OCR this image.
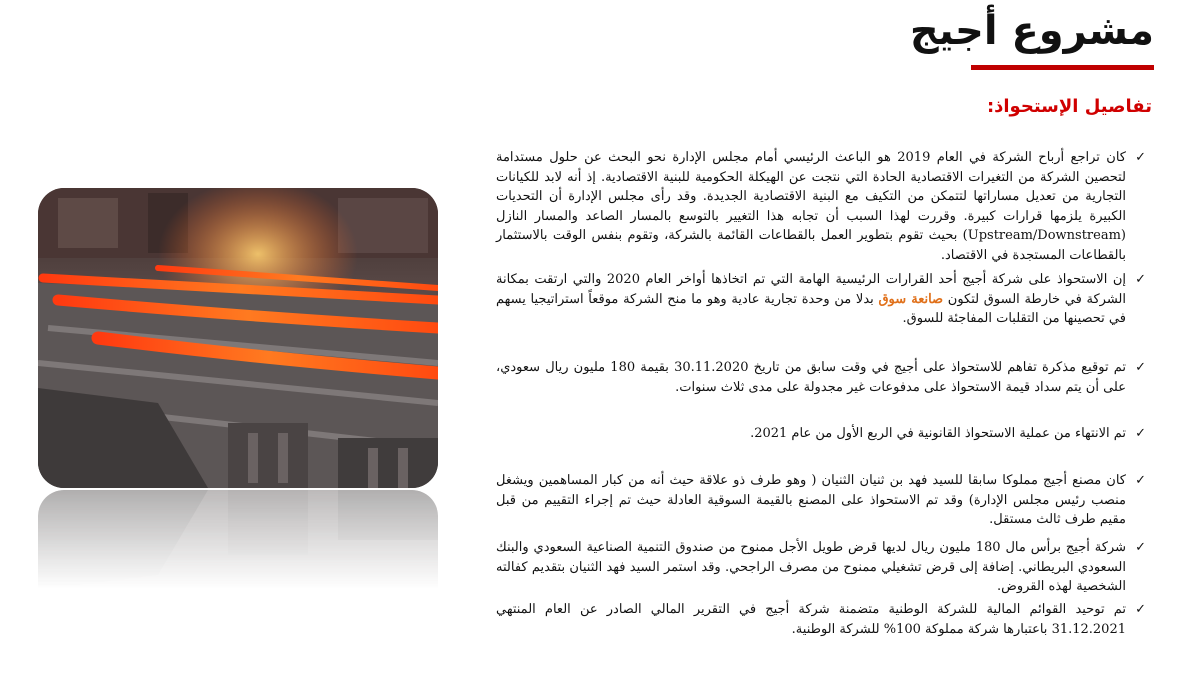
مشروع أجيج
تفاصيل الإستحواذ:
✓
كان تراجع أرباح الشركة في العام 2019 هو الباعث الرئيسي أمام مجلس الإدارة نحو البحث عن حلول مستدامة لتحصين الشركة من التغيرات الاقتصادية الحادة التي نتجت عن الهيكلة الحكومية للبنية الاقتصادية. إذ أنه لابد للكيانات التجارية من تعديل مساراتها لتتمكن من التكيف مع البنية الاقتصادية الجديدة. وقد رأى مجلس الإدارة أن التحديات الكبيرة يلزمها قرارات كبيرة. وقررت لهذا السبب أن تجابه هذا التغيير بالتوسع بالمسار الصاعد والمسار النازل (Upstream/Downstream) بحيث تقوم بتطوير العمل بالقطاعات القائمة بالشركة، وتقوم بنفس الوقت بالاستثمار بالقطاعات المستجدة في الاقتصاد.
✓
إن الاستحواذ على شركة أجيج أحد القرارات الرئيسية الهامة التي تم اتخاذها أواخر العام 2020 والتي ارتقت بمكانة الشركة في خارطة السوق لتكون صانعة سوق بدلا من وحدة تجارية عادية وهو ما منح الشركة موقعاً استراتيجيا يسهم في تحصينها من التقلبات المفاجئة للسوق.
✓
تم توقيع مذكرة تفاهم للاستحواذ على أجيج في وقت سابق من تاريخ 30.11.2020 بقيمة 180 مليون ريال سعودي، على أن يتم سداد قيمة الاستحواذ على مدفوعات غير مجدولة على مدى ثلاث سنوات.
✓
تم الانتهاء من عملية الاستحواذ القانونية في الربع الأول من عام 2021.
✓
كان مصنع أجيج مملوكا سابقا للسيد فهد بن ثنيان الثنيان ( وهو طرف ذو علاقة حيث أنه من كبار المساهمين ويشغل منصب رئيس مجلس الإدارة) وقد تم الاستحواذ على المصنع بالقيمة السوقية العادلة حيث تم إجراء التقييم من قبل مقيم طرف ثالث مستقل.
✓
شركة أجيج برأس مال 180 مليون ريال لديها قرض طويل الأجل ممنوح من صندوق التنمية الصناعية السعودي والبنك السعودي البريطاني. إضافة إلى قرض تشغيلي ممنوح من مصرف الراجحي. وقد استمر السيد فهد الثنيان بتقديم كفالته الشخصية لهذه القروض.
✓
تم توحيد القوائم المالية للشركة الوطنية متضمنة شركة أجيج في التقرير المالي الصادر عن العام المنتهي 31.12.2021 باعتبارها شركة مملوكة 100% للشركة الوطنية.
